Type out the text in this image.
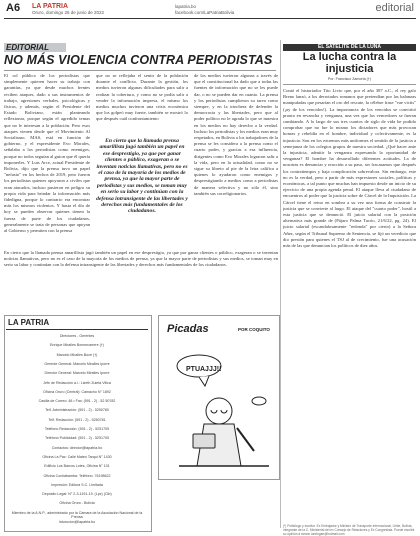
A6 LA PATRIA
Oruro, domingo 26 de junio de 2022
lapatria.bo
facebook.com/LaPatriaBolivia	editorial
EDITORIAL
NO MÁS VIOLENCIA CONTRA PERIODISTAS
El rol público de los periodistas que simplemente quieren hacer su trabajo con garantías, ya que desde muchos frentes reciben ataques, dado a sus instrumentos de trabajo, agresiones verbales, psicológicas y físicas, y además, según el Presidente del Estado Boliviano, están planteando reflexionar, porque según el agredido temas que no le interesan a la población. Pero esos ataques vienen desde que el Movimiento Al Socialismo, MAS, está en función de gobierno, y el expresidente Evo Morales, señalaba a los periodistas como enemigos, porque no todos seguían al guion que él quería imponerles. Y Luis Arce, actual Presidente de Bolivia, dijo que la prensa tuvo un papel "nefasto" en los hechos de 2019, pero fueron los periodistas quienes apoyaron a civiles que eran atacados, incluso pusieron en peligro su propia vida para brindar la información más fidedigna, porque lo contrario era encontrar más los mismos violentos. Y hasta el día de hoy se pueden observar quienes tienen la fuerza de parte de los ciudadanos, generalmente se trata de personas que apoyan al Gobierno y permiten con la prensa
que no se reflejaba el sentir de la población durante el conflicto. Durante la gestión, los medios tuvieron algunas dificultades para salir a realizar la cobertura, y como no se podía salir a vender la información impresa, el mismo los medios muchos tuvieron una crisis económica que los golpeó muy fuerte, también se mostró lo que después cuál confrontamiento
En cierto que la llamada prensa amarillista jugó también un papel en ese desprestigio, ya que por ganar clientes o público, exageran o se inventan noticias llamativas, pero no es el caso de la mayoría de los medios de prensa, ya que la mayor parte de periodistas y sus medios, se toman muy en serio su labor y continúan con la defensa intransigente de las libertades y derechos más fundamentales de los ciudadanos.
de los medios tuvieron algunas a través de que el constitucional ha dado que a todas las fuentes de información que no se les puede dar, o no se pueden dar en cuanto. La prensa y los periodistas cumplieron su tarea como siempre, y en la trinchera de defender la democracia y las libertades, pero que al poder político no le agrada lo que se muestra en los medios no hay derecho a la verdad. Incluso los periodistas y los medios eran muy respetados, en Bolivia a los trabajadores de la prensa se les considera a la prensa como el cuarto poder, y gracias a esa influencia, dirigentes como Evo Morales lograron salir a la vida, pero en la actualidad, como no se sigue su libreto al pie de la letra califica a quienes lo ayudaron como enemigos y desprestigiando a medios como a periodistas de manera selectiva y no sólo él, sino también sus correligionarios.
En cierto que la llamada prensa amarillista jugó también un papel en ese desprestigio, ya que por ganar clientes o público, exageran o se inventan noticias llamativas, pero no es el caso de la mayoría de los medios de prensa, ya que la mayor parte de periodistas y sus medios, se toman muy en serio su labor y continúan con la defensa intransigente de las libertades y derechos más fundamentales de los ciudadanos.
LA PATRIA
Directores - Gerentes
Enrique Miralles Bonnecarrere (†)
Marcelo Miralles Bové (†)
Gerente General: Marcelo Miralles Iporre
Director General: Marcelo Miralles Iporre
Jefe de Redacción a.i.: Lizeth Zuleta Villca
Oficina Oruro (Central): Camacho N° 1892
Casilla de Correo: 48 • Fax: (591 - 2) - 52 50782
Telf. Administración: (591 - 2) - 5250780
Telf. Redacción: (591 - 2) - 5250781
Teléfono Redacción: (591 - 2) - 5251705
Teléfono Publicidad: (591 - 2) - 5251705
Contactos: director@lapatria.bo
Oficina La Paz: Calle Mateo Tarqui N° 1430
Edificio Los Barcos Lotes, Oficina N° 101
Oficina Cochabamba: Teléfono: 76198622
Impresión: Editora S.C. Limitada
Depósito Legal: N° 2-3-1191-19. (Lpz) (Ctb)
Oficina Oruro - Bolivia
Miembro de la A.N.P., administrado por la Cámara de la Asociación Nacional de la Prensa
lrdurucion@lapatria.bo
Picadas	POR COQUITO
PTUAJJJ!!
EL SATÉLITE DE LA LUNA
La lucha contra la injusticia
Por: Francisco Zamorta (†)
Contó el historiador Tito Livio que, por el año 387 a.C., el rey galo Breno lanzó, a los derrotados romanos que pretendían por las balanzas manipuladas que pesarían el oro del rescate, la célebre frase "vae victis" (¡ay de los vencidos!). La importancia de los vencidos se convirtió pronto en revancha y venganza, una vez que los vencedores se fueran cambiando. A lo largo de sus tres cuartos de siglo de vida he podido comprobar que no fue lo mismo los dictadores que más provocan honras y rebeldía en el hombre, individual y colectivamente, es la injusticia. Son en los extremos más uniformes el sentido de la justicia a semejanza de los colegios grupos de nuestra sociedad. ¿Qué hacer ante la injusticia, admitir la venganza expresando la oportunidad de venganza? El hombre ha desarrollado diferentes actitudes. La de nosotras es denunciar y reacción a su paso, ser fracasamos que después los contratiempos y baja complicación sobrevalora. Sin embargo, este no es la verdad, pero a partir de más expresiones sociales, políticas y económicas, a tal punto que muchas han impuesto desde un inicio de su ejercicio de una propia agenda penal. El ataque lleva al ciudadano de encuentros al poder que la justicia sobre de Cárcel de la Inquisición. La Cárcel tiene el reino en sombra a su vez una forma de construir la justicia que se convierte al largo. El ataque del "cuarto poder", hostil a esta justicia que se denunció. El juicio salarial con la posición alternativa más grande de (Pájaro Palma Tacóo, 21/6/22, pg. 24). El juicio salarial (escandalosamente "redonda" por cierto) a la Señora Añez, según el Tribunal Supremo de Sentencia, se fijó un veredicto que dio presión para quienes el TSJ al de crecimiento, fue una acusación más de las que denuncian los políticos de diez años.
(*) Politólogo y escritor. Ex Embajador y Ministro de Transporte Internacional, Uribe, Bolivia, integrante de la C. Ministerial del ex Consejo de Relaciones y Ex Congresista. Puede escribir su opinión a ramon.lordingan@hotmail.com
